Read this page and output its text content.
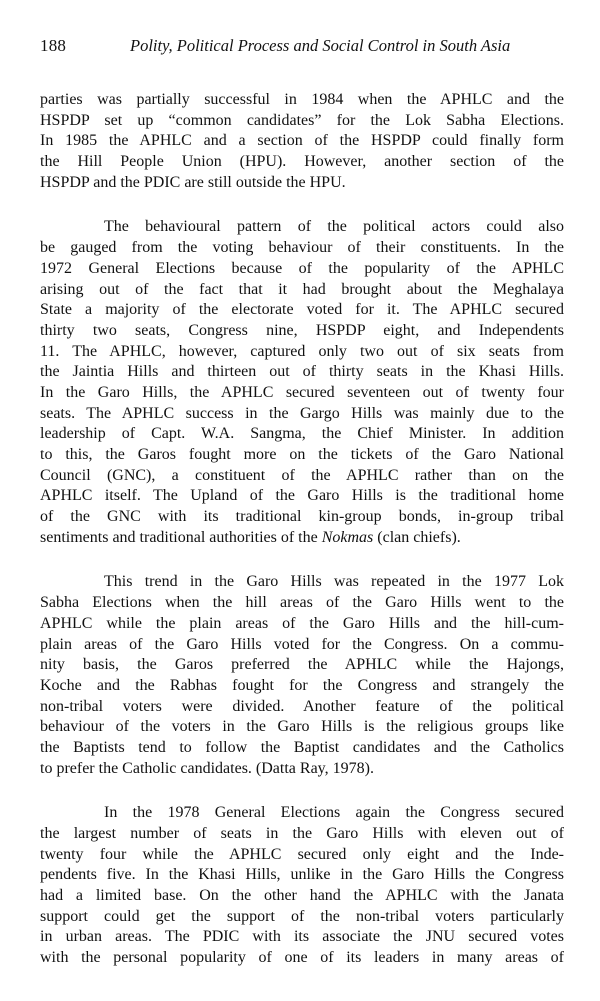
188	Polity, Political Process and Social Control in South Asia

parties was partially successful in 1984 when the APHLC and the
HSPDP set up “common candidates” for the Lok Sabha Elections.
In 1985 the APHLC and a section of the HSPDP could finally form
the Hill People Union (HPU). However, another section of the
HSPDP and the PDIC are still outside the HPU.

The behavioural pattern of the political actors could also
be gauged from the voting behaviour of their constituents. In the
1972 General Elections because of the popularity of the APHLC
arising out of the fact that it had brought about the Meghalaya
State a majority of the electorate voted for it. The APHLC secured
thirty two seats, Congress nine, HSPDP eight, and Independents
11. The APHLC, however, captured only two out of six seats from
the Jaintia Hills and thirteen out of thirty seats in the Khasi Hills.
In the Garo Hills, the APHLC secured seventeen out of twenty four
seats. The APHLC success in the Gargo Hills was mainly due to the
leadership of Capt. W.A. Sangma, the Chief Minister. In addition
to this, the Garos fought more on the tickets of the Garo National
Council (GNC), a constituent of the APHLC rather than on the
APHLC itself. The Upland of the Garo Hills is the traditional home
of the GNC with its traditional kin-group bonds, in-group tribal
sentiments and traditional authorities of the Nokmas (clan chiefs).

This trend in the Garo Hills was repeated in the 1977 Lok
Sabha Elections when the hill areas of the Garo Hills went to the
APHLC while the plain areas of the Garo Hills and the hill-cum-
plain areas of the Garo Hills voted for the Congress. On a commu-
nity basis, the Garos preferred the APHLC while the Hajongs,
Koche and the Rabhas fought for the Congress and strangely the
non-tribal voters were divided. Another feature of the political
behaviour of the voters in the Garo Hills is the religious groups like
the Baptists tend to follow the Baptist candidates and the Catholics
to prefer the Catholic candidates. (Datta Ray, 1978).

In the 1978 General Elections again the Congress secured
the largest number of seats in the Garo Hills with eleven out of
twenty four while the APHLC secured only eight and the Inde-
pendents five. In the Khasi Hills, unlike in the Garo Hills the Congress
had a limited base. On the other hand the APHLC with the Janata
support could get the support of the non-tribal voters particularly
in urban areas. The PDIC with its associate the JNU secured votes
with the personal popularity of one of its leaders in many areas of
